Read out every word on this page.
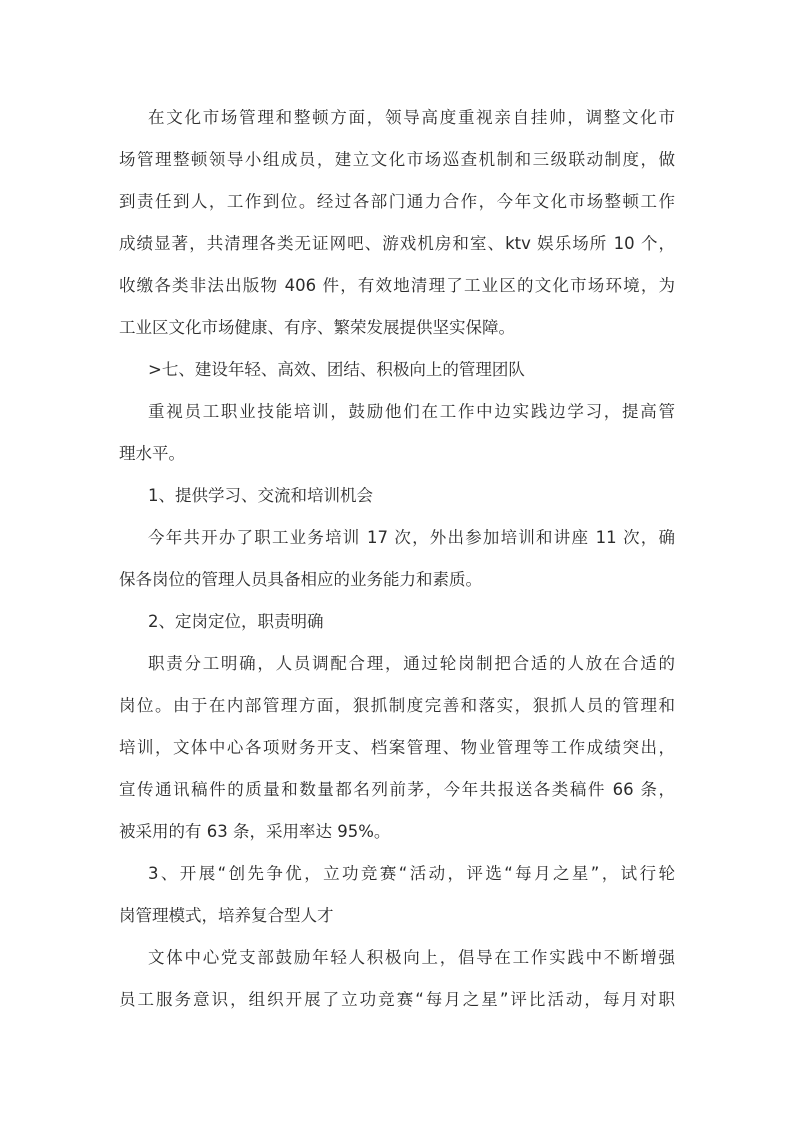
在文化市场管理和整顿方面，领导高度重视亲自挂帅，调整文化市
场管理整顿领导小组成员，建立文化市场巡查机制和三级联动制度，做
到责任到人，工作到位。经过各部门通力合作，今年文化市场整顿工作
成绩显著，共清理各类无证网吧、游戏机房和室、ktv 娱乐场所 10 个，
收缴各类非法出版物 406 件，有效地清理了工业区的文化市场环境，为
工业区文化市场健康、有序、繁荣发展提供坚实保障。
>七、建设年轻、高效、团结、积极向上的管理团队
重视员工职业技能培训，鼓励他们在工作中边实践边学习，提高管
理水平。
1、提供学习、交流和培训机会
今年共开办了职工业务培训 17 次，外出参加培训和讲座 11 次，确
保各岗位的管理人员具备相应的业务能力和素质。
2、定岗定位，职责明确
职责分工明确，人员调配合理，通过轮岗制把合适的人放在合适的
岗位。由于在内部管理方面，狠抓制度完善和落实，狠抓人员的管理和
培训，文体中心各项财务开支、档案管理、物业管理等工作成绩突出，
宣传通讯稿件的质量和数量都名列前茅，今年共报送各类稿件 66 条，
被采用的有 63 条，采用率达 95%。
3、开展“创先争优，立功竞赛“活动，评选“每月之星”，试行轮
岗管理模式，培养复合型人才
文体中心党支部鼓励年轻人积极向上，倡导在工作实践中不断增强
员工服务意识，组织开展了立功竞赛“每月之星”评比活动，每月对职
